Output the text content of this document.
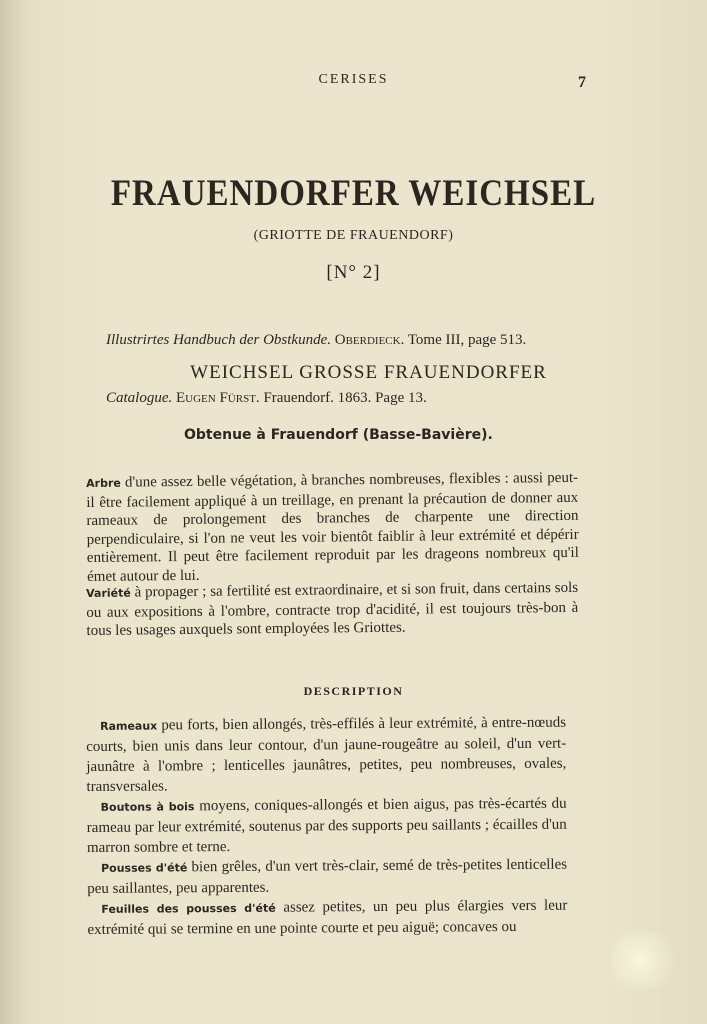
CERISES	7
FRAUENDORFER WEICHSEL
(GRIOTTE DE FRAUENDORF)
[N° 2]
Illustrirtes Handbuch der Obstkunde. Oberdieck. Tome III, page 513.
WEICHSEL GROSSE FRAUENDORFER
Catalogue. Eugen Fürst. Frauendorf. 1863. Page 13.
Obtenue à Frauendorf (Basse-Bavière).
Arbre d'une assez belle végétation, à branches nombreuses, flexibles : aussi peut-il être facilement appliqué à un treillage, en prenant la précaution de donner aux rameaux de prolongement des branches de charpente une direction perpendiculaire, si l'on ne veut les voir bientôt faiblir à leur extrémité et dépérir entièrement. Il peut être facilement reproduit par les drageons nombreux qu'il émet autour de lui.
Variété à propager ; sa fertilité est extraordinaire, et si son fruit, dans certains sols ou aux expositions à l'ombre, contracte trop d'acidité, il est toujours très-bon à tous les usages auxquels sont employées les Griottes.
DESCRIPTION

Rameaux peu forts, bien allongés, très-effilés à leur extrémité, à entre-nœuds courts, bien unis dans leur contour, d'un jaune-rougeâtre au soleil, d'un vert-jaunâtre à l'ombre ; lenticelles jaunâtres, petites, peu nombreuses, ovales, transversales.

Boutons à bois moyens, coniques-allongés et bien aigus, pas très-écartés du rameau par leur extrémité, soutenus par des supports peu saillants ; écailles d'un marron sombre et terne.

Pousses d'été bien grêles, d'un vert très-clair, semé de très-petites lenticelles peu saillantes, peu apparentes.

Feuilles des pousses d'été assez petites, un peu plus élargies vers leur extrémité qui se termine en une pointe courte et peu aiguë; concaves ou
